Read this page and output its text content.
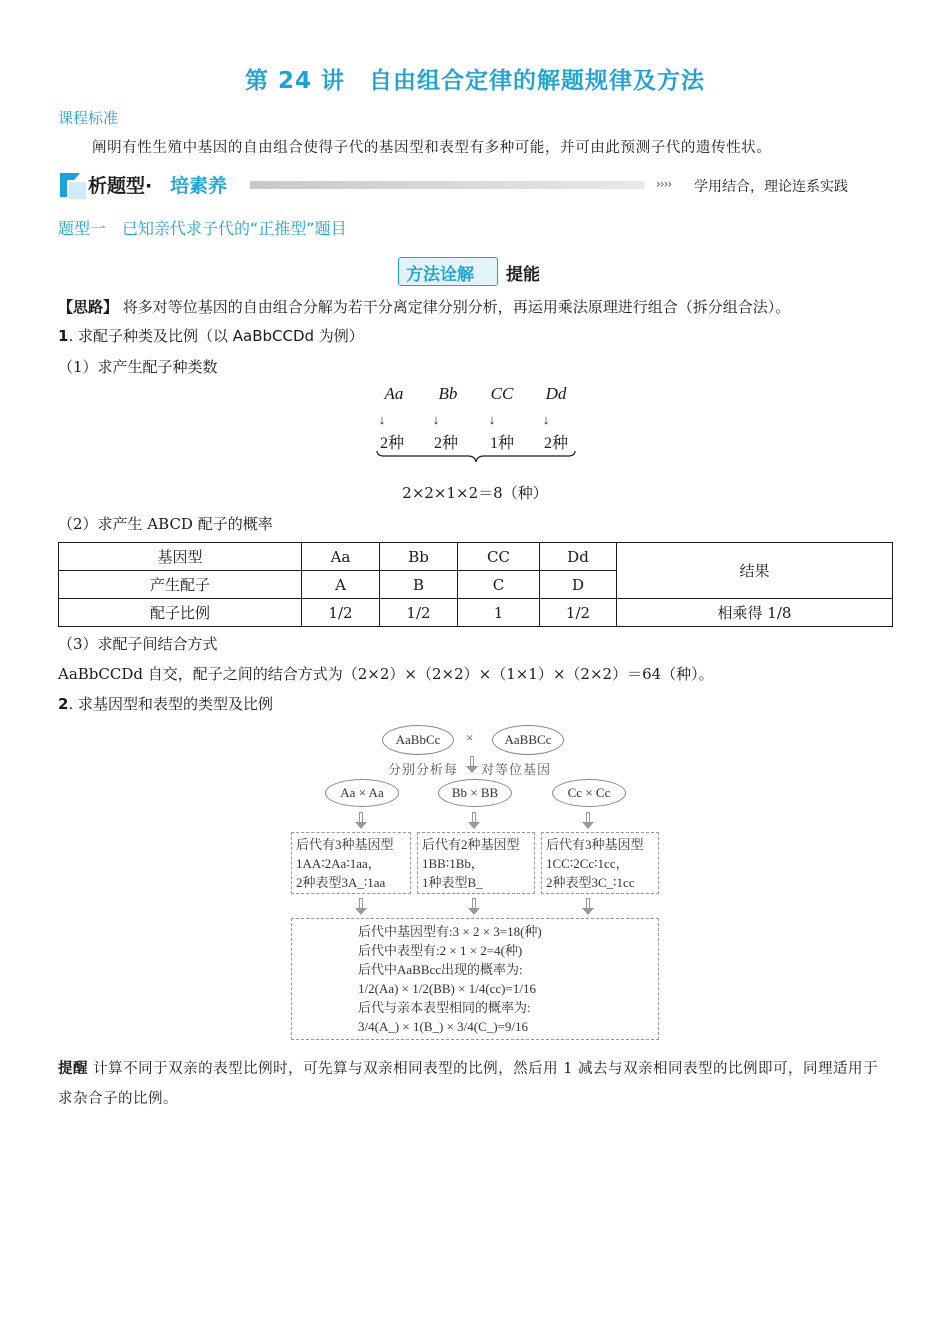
第 24 讲　自由组合定律的解题规律及方法
课程标准
阐明有性生殖中基因的自由组合使得子代的基因型和表型有多种可能，并可由此预测子代的遗传性状。
析题型· 培素养	›››› 学用结合，理论连系实践
题型一　已知亲代求子代的“正推型”题目
方法诠解 提能
【思路】 将多对等位基因的自由组合分解为若干分离定律分别分析，再运用乘法原理进行组合（拆分组合法）。
1. 求配子种类及比例（以 AaBbCCDd 为例）
（1）求产生配子种类数
Aa	Bb	CC	Dd
↓	↓	↓	↓
2种	2种	1种	2种
2×2×1×2＝8（种）
（2）求产生 ABCD 配子的概率
基因型	Aa	Bb	CC	Dd	结果
产生配子	A	B	C	D	
配子比例	1/2	1/2	1	1/2	相乘得 1/8
（3）求配子间结合方式
AaBbCCDd 自交，配子之间的结合方式为（2×2）×（2×2）×（1×1）×（2×2）＝64（种）。
2. 求基因型和表型的类型及比例
AaBbCc	×	AaBBCc
分别分析每 对等位基因
Aa × Aa	Bb × BB	Cc × Cc
后代有3种基因型
1AA∶2Aa∶1aa，
2种表型3A_∶1aa
后代有2种基因型
1BB∶1Bb，
1种表型B_
后代有3种基因型
1CC∶2Cc∶1cc，
2种表型3C_∶1cc
后代中基因型有:3 × 2 × 3=18(种)
后代中表型有:2 × 1 × 2=4(种)
后代中AaBBcc出现的概率为:
1/2(Aa) × 1/2(BB) × 1/4(cc)=1/16
后代与亲本表型相同的概率为:
3/4(A_) × 1(B_) × 3/4(C_)=9/16
提醒 计算不同于双亲的表型比例时，可先算与双亲相同表型的比例，然后用 1 减去与双亲相同表型的比例即可，同理适用于求杂合子的比例。
